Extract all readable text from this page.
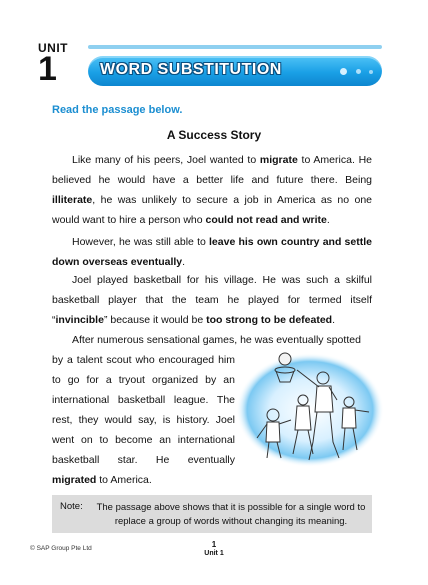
UNIT
1	WORD SUBSTITUTION
Read the passage below.
A Success Story

Like many of his peers, Joel wanted to migrate to America. He believed he would have a better life and future there. Being illiterate, he was unlikely to secure a job in America as no one would want to hire a person who could not read and write.

However, he was still able to leave his own country and settle down overseas eventually.

Joel played basketball for his village. He was such a skilful basketball player that the team he played for termed itself “invincible” because it would be too strong to be defeated.

After numerous sensational games, he was eventually spotted

by a talent scout who encouraged him to go for a tryout organized by an international basketball league. The rest, they would say, is history. Joel went on to become an international basketball star. He eventually migrated to America.

Note: The passage above shows that it is possible for a single word to replace a group of words without changing its meaning.
© SAP Group Pte Ltd	1
Unit 1
